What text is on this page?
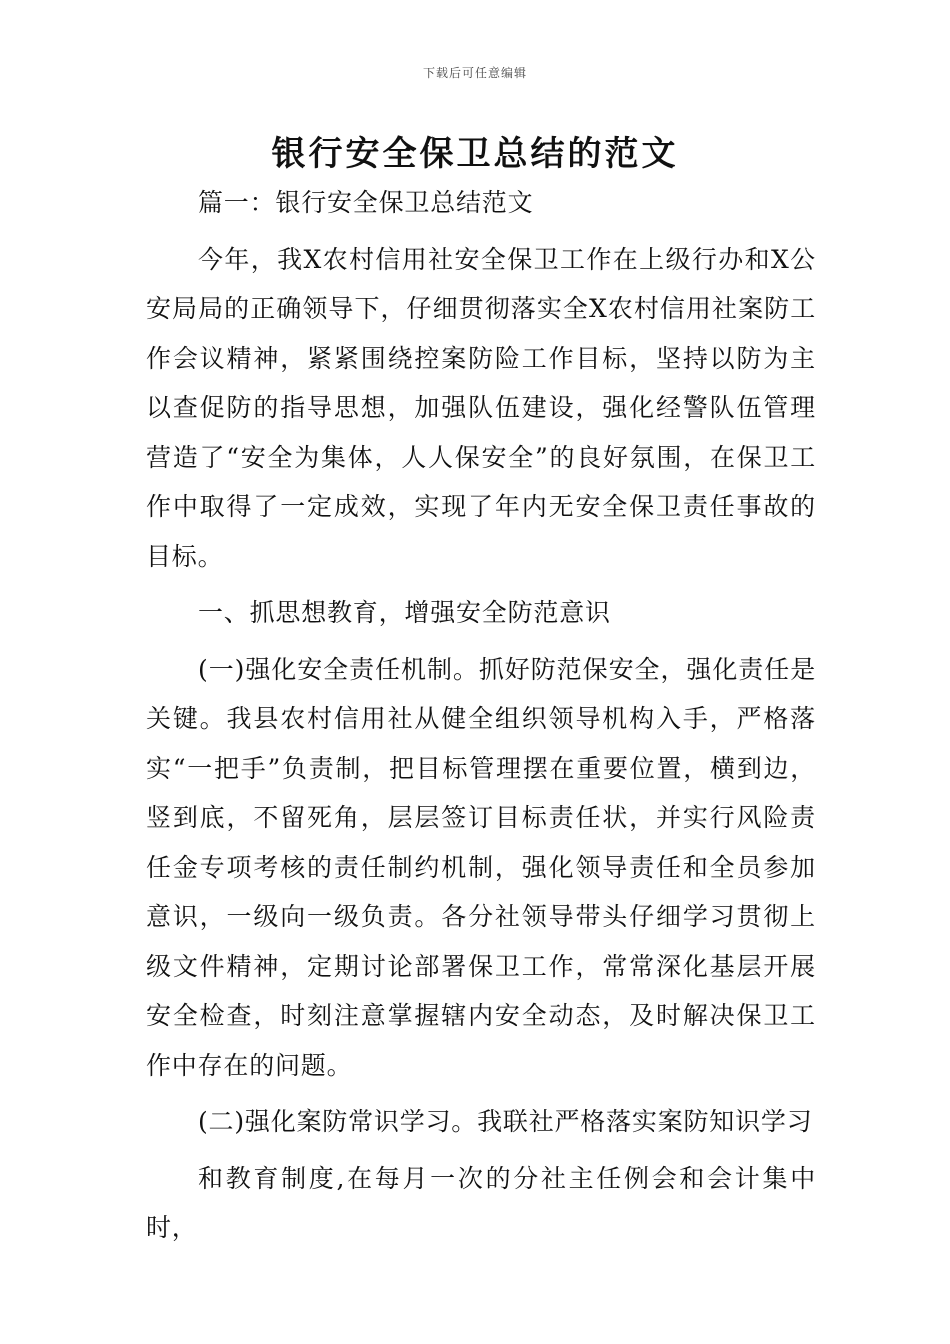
下载后可任意编辑
银行安全保卫总结的范文

篇一：银行安全保卫总结范文

今年，我X农村信用社安全保卫工作在上级行办和X公安局局的正确领导下，仔细贯彻落实全X农村信用社案防工作会议精神，紧紧围绕控案防险工作目标，坚持以防为主以查促防的指导思想，加强队伍建设，强化经警队伍管理营造了“安全为集体，人人保安全”的良好氛围，在保卫工作中取得了一定成效，实现了年内无安全保卫责任事故的目标。

一、抓思想教育，增强安全防范意识

(一)强化安全责任机制。抓好防范保安全，强化责任是关键。我县农村信用社从健全组织领导机构入手，严格落实“一把手”负责制，把目标管理摆在重要位置，横到边，竖到底，不留死角，层层签订目标责任状，并实行风险责任金专项考核的责任制约机制，强化领导责任和全员参加意识，一级向一级负责。各分社领导带头仔细学习贯彻上级文件精神，定期讨论部署保卫工作，常常深化基层开展安全检查，时刻注意掌握辖内安全动态，及时解决保卫工作中存在的问题。

(二)强化案防常识学习。我联社严格落实案防知识学习

和教育制度,在每月一次的分社主任例会和会计集中时，
